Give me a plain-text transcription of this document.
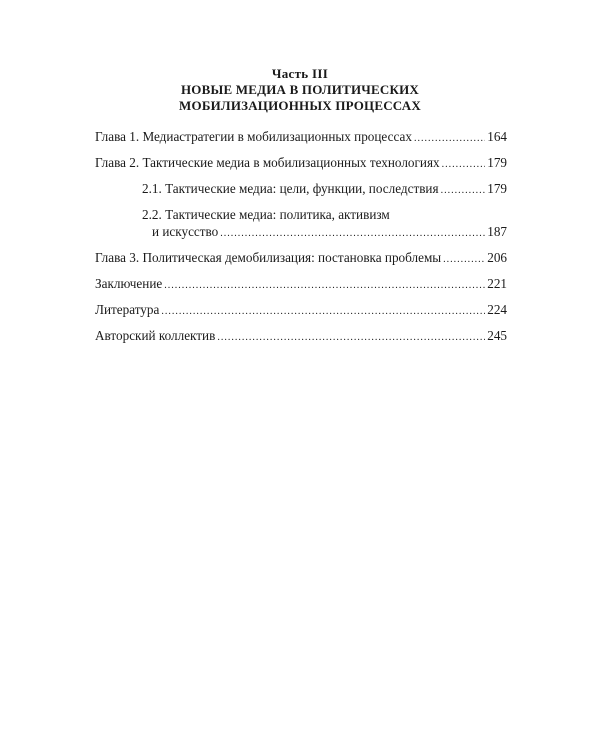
Часть III
НОВЫЕ МЕДИА В ПОЛИТИЧЕСКИХ
МОБИЛИЗАЦИОННЫХ ПРОЦЕССАХ
Глава 1. Медиастратегии в мобилизационных процессах .....	164
Глава 2. Тактические медиа в мобилизационных технологиях .....	179
2.1. Тактические медиа: цели, функции, последствия .....	179
2.2. Тактические медиа: политика, активизм
и искусство .....	187
Глава 3. Политическая демобилизация: постановка проблемы .....	206
Заключение .....	221
Литература .....	224
Авторский коллектив .....	245
